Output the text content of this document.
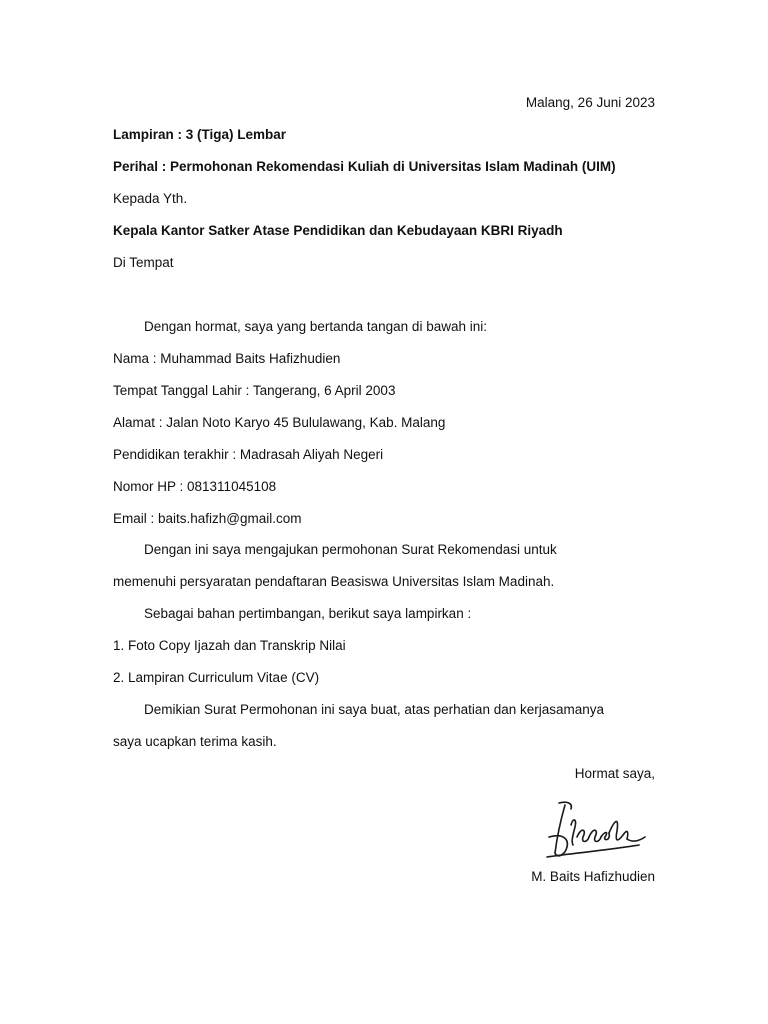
Malang, 26 Juni 2023
Lampiran : 3 (Tiga) Lembar
Perihal : Permohonan Rekomendasi Kuliah di Universitas Islam Madinah (UIM)
Kepada Yth.
Kepala Kantor Satker Atase Pendidikan dan Kebudayaan KBRI Riyadh
Di Tempat
Dengan hormat, saya yang bertanda tangan di bawah ini:
Nama : Muhammad Baits Hafizhudien
Tempat Tanggal Lahir : Tangerang, 6 April 2003
Alamat : Jalan Noto Karyo 45 Bululawang, Kab. Malang
Pendidikan terakhir : Madrasah Aliyah Negeri
Nomor HP : 081311045108
Email : baits.hafizh@gmail.com
Dengan ini saya mengajukan permohonan Surat Rekomendasi untuk
memenuhi persyaratan pendaftaran Beasiswa Universitas Islam Madinah.
Sebagai bahan pertimbangan, berikut saya lampirkan :
1. Foto Copy Ijazah dan Transkrip Nilai
2. Lampiran Curriculum Vitae (CV)
Demikian Surat Permohonan ini saya buat, atas perhatian dan kerjasamanya
saya ucapkan terima kasih.
Hormat saya,
M. Baits Hafizhudien
